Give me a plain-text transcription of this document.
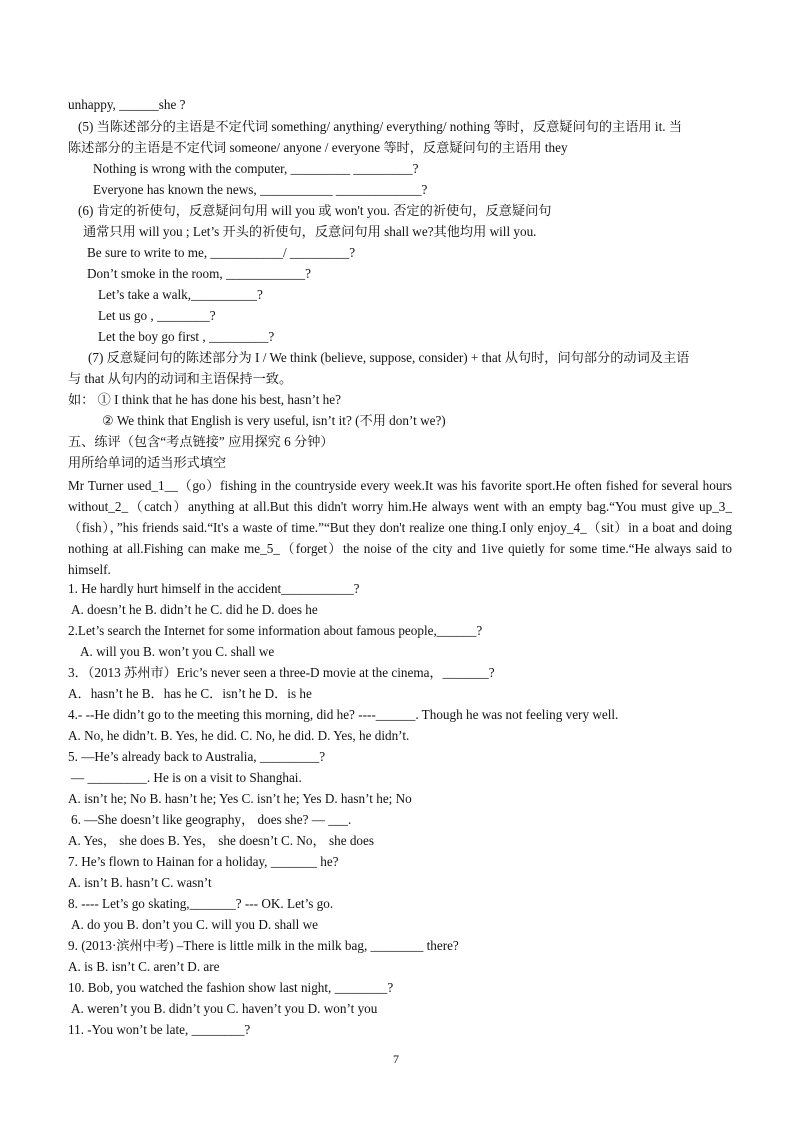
unhappy, ______she ?
(5) 当陈述部分的主语是不定代词 something/ anything/ everything/ nothing 等时，反意疑问句的主语用 it. 当
陈述部分的主语是不定代词 someone/ anyone / everyone 等时，反意疑问句的主语用 they
Nothing is wrong with the computer, _________ _________?
Everyone has known the news, ___________ _____________?
(6) 肯定的祈使句，反意疑问句用 will you 或 won't you. 否定的祈使句，反意疑问句
通常只用 will you ; Let’s 开头的祈使句，反意问句用 shall we?其他均用 will you.
Be sure to write to me, ___________/ _________?
Don’t smoke in the room, ____________?
Let’s take a walk,__________?
Let us go , ________?
Let the boy go first , _________?
(7) 反意疑问句的陈述部分为 I / We think (believe, suppose, consider) + that 从句时，问句部分的动词及主语
与 that 从句内的动词和主语保持一致。
如： ① I think that he has done his best, hasn’t he?
② We think that English is very useful, isn’t it? (不用 don’t we?)
五、练评（包含“考点链接” 应用探究 6 分钟）
用所给单词的适当形式填空
Mr Turner used_1__（go）fishing in the countryside every week.It was his favorite sport.He often fished for several hours without_2_（catch）anything at all.But this didn't worry him.He always went with an empty bag.“You must give up_3_（fish），”his friends said.“It's a waste of time.”“But they don't realize one thing.I only enjoy_4_（sit）in a boat and doing nothing at all.Fishing can make me_5_（forget）the noise of the city and 1ive quietly for some time.“He always said to himself.
1. He hardly hurt himself in the accident___________?
A. doesn’t he B. didn’t he C. did he D. does he
2.Let’s search the Internet for some information about famous people,______?
A. will you B. won’t you C. shall we
3．（2013 苏州市）Eric’s never seen a three-D movie at the cinema，_______?
A．hasn’t he B．has he C．isn’t he D．is he
4.- --He didn’t go to the meeting this morning, did he? ----______. Though he was not feeling very well.
A. No, he didn’t. B. Yes, he did. C. No, he did. D. Yes, he didn’t.
5. —He’s already back to Australia, _________?
— _________. He is on a visit to Shanghai.
A. isn’t he; No B. hasn’t he; Yes C. isn’t he; Yes D. hasn’t he; No
6. —She doesn’t like geography， does she? — ___.
A. Yes， she does B. Yes， she doesn’t C. No， she does
7. He’s flown to Hainan for a holiday, _______ he?
A. isn’t B. hasn’t C. wasn’t
8. ---- Let’s go skating,_______? --- OK. Let’s go.
A. do you B. don’t you C. will you D. shall we
9. (2013·滨州中考) –There is little milk in the milk bag, ________ there?
A. is B. isn’t C. aren’t D. are
10. Bob, you watched the fashion show last night, ________?
A. weren’t you B. didn’t you C. haven’t you D. won’t you
11. -You won’t be late, ________?
7
